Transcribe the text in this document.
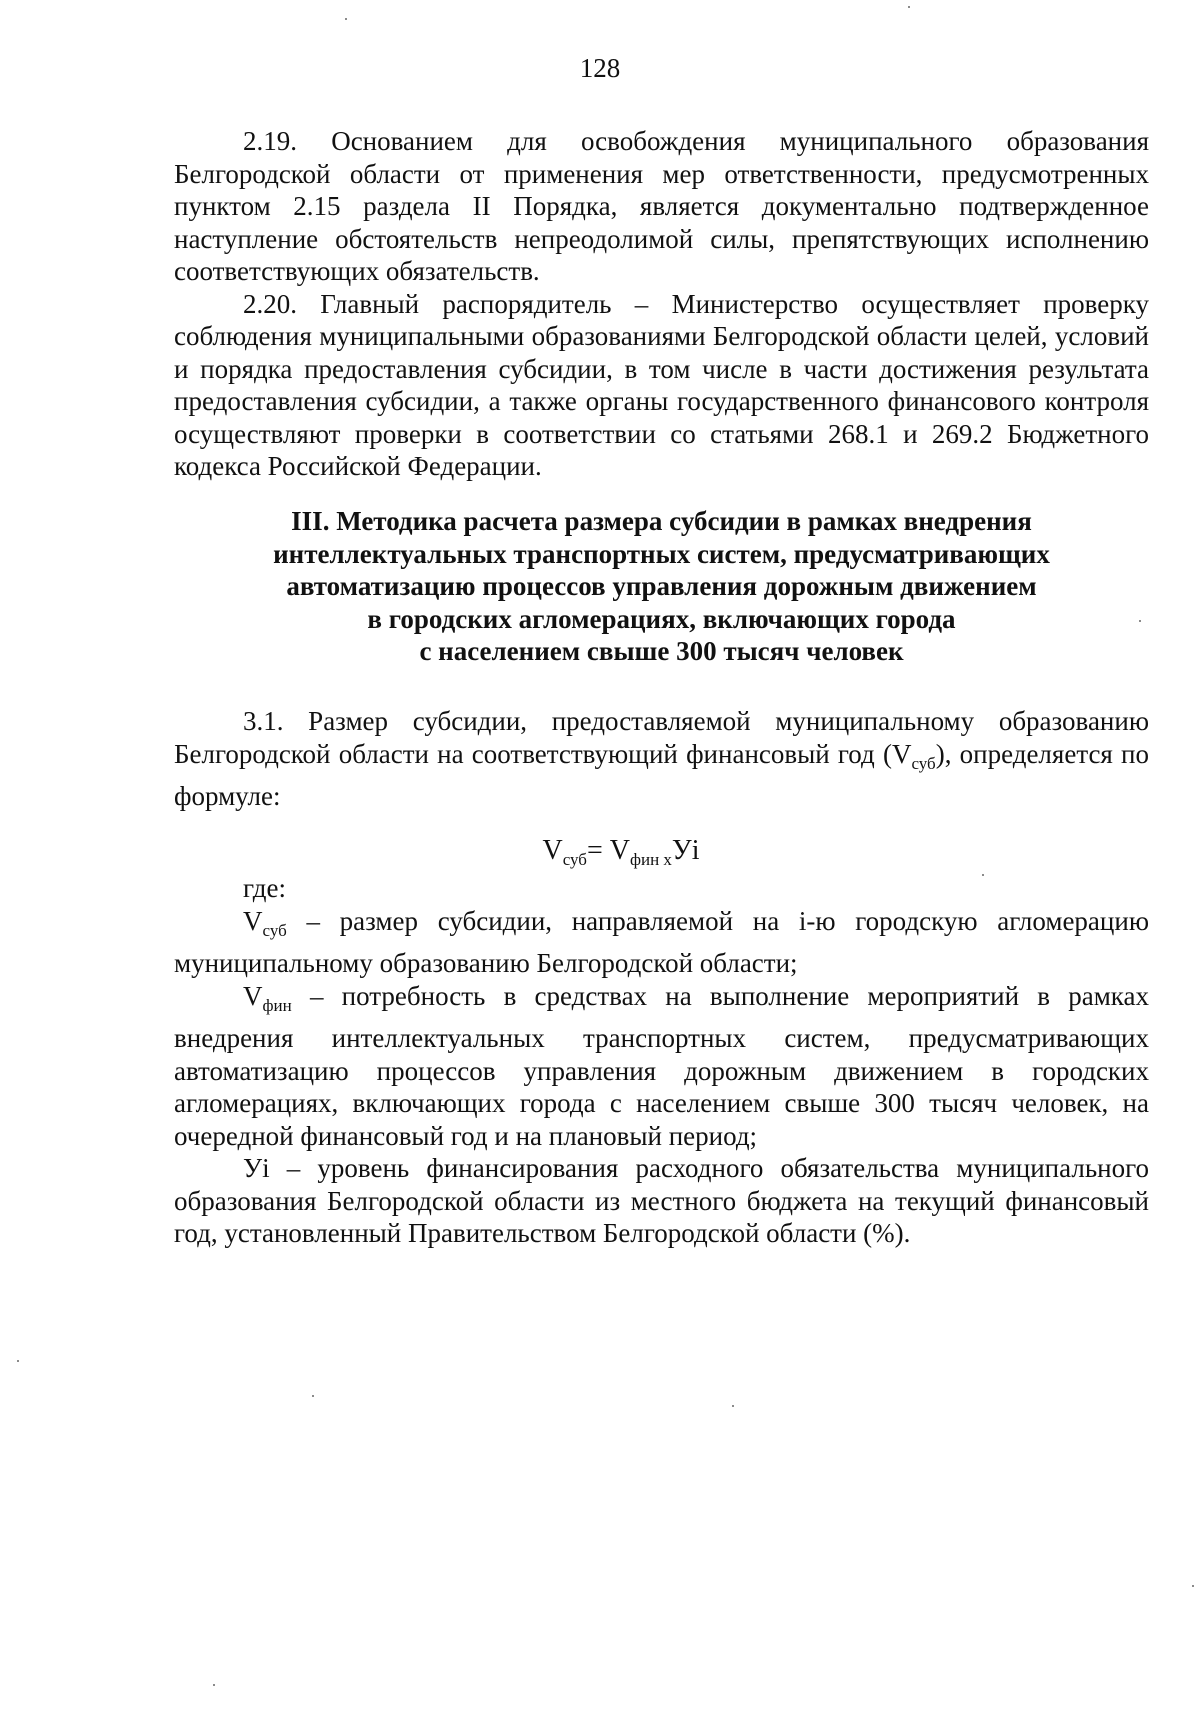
128

2.19. Основанием для освобождения муниципального образования Белгородской области от применения мер ответственности, предусмотренных пунктом 2.15 раздела II Порядка, является документально подтвержденное наступление обстоятельств непреодолимой силы, препятствующих исполнению соответствующих обязательств.

2.20. Главный распорядитель – Министерство осуществляет проверку соблюдения муниципальными образованиями Белгородской области целей, условий и порядка предоставления субсидии, в том числе в части достижения результата предоставления субсидии, а также органы государственного финансового контроля осуществляют проверки в соответствии со статьями 268.1 и 269.2 Бюджетного кодекса Российской Федерации.

III. Методика расчета размера субсидии в рамках внедрения
интеллектуальных транспортных систем, предусматривающих
автоматизацию процессов управления дорожным движением
в городских агломерациях, включающих города
с населением свыше 300 тысяч человек

3.1. Размер субсидии, предоставляемой муниципальному образованию Белгородской области на соответствующий финансовый год $(V_{суб})$, определяется по формуле:

$V_{суб}= V_{фин х}Уi$

где:

$V_{суб}$ – размер субсидии, направляемой на i-ю городскую агломерацию муниципальному образованию Белгородской области;

$V_{фин}$ – потребность в средствах на выполнение мероприятий в рамках внедрения интеллектуальных транспортных систем, предусматривающих автоматизацию процессов управления дорожным движением в городских агломерациях, включающих города с населением свыше 300 тысяч человек, на очередной финансовый год и на плановый период;

Уi – уровень финансирования расходного обязательства муниципального образования Белгородской области из местного бюджета на текущий финансовый год, установленный Правительством Белгородской области (%).
